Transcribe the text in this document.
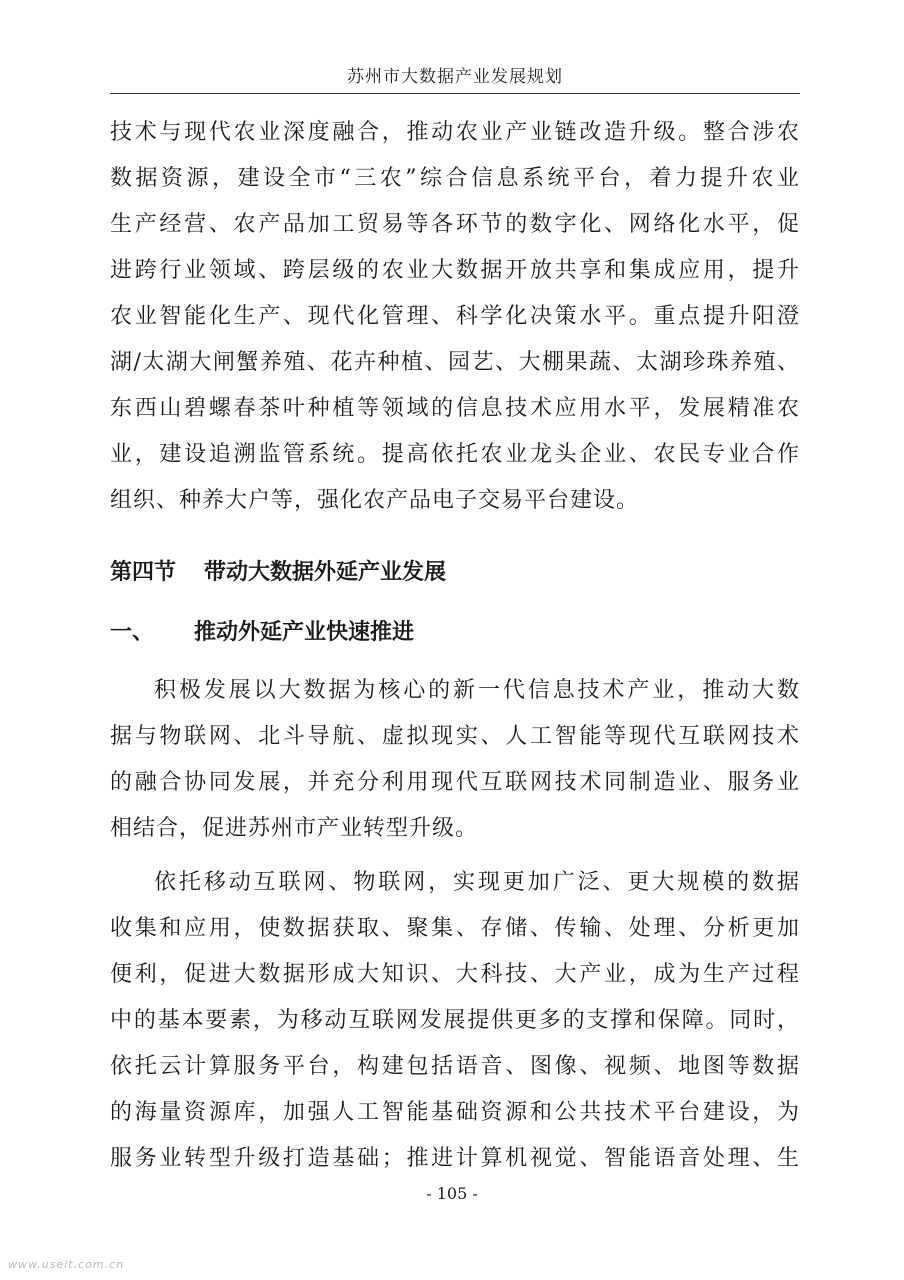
苏州市大数据产业发展规划
技术与现代农业深度融合，推动农业产业链改造升级。整合涉农
数据资源，建设全市“三农”综合信息系统平台，着力提升农业
生产经营、农产品加工贸易等各环节的数字化、网络化水平，促
进跨行业领域、跨层级的农业大数据开放共享和集成应用，提升
农业智能化生产、现代化管理、科学化决策水平。重点提升阳澄
湖/太湖大闸蟹养殖、花卉种植、园艺、大棚果蔬、太湖珍珠养殖、
东西山碧螺春茶叶种植等领域的信息技术应用水平，发展精准农
业，建设追溯监管系统。提高依托农业龙头企业、农民专业合作
组织、种养大户等，强化农产品电子交易平台建设。
第四节 带动大数据外延产业发展
一、 推动外延产业快速推进
积极发展以大数据为核心的新一代信息技术产业，推动大数
据与物联网、北斗导航、虚拟现实、人工智能等现代互联网技术
的融合协同发展，并充分利用现代互联网技术同制造业、服务业
相结合，促进苏州市产业转型升级。
依托移动互联网、物联网，实现更加广泛、更大规模的数据
收集和应用，使数据获取、聚集、存储、传输、处理、分析更加
便利，促进大数据形成大知识、大科技、大产业，成为生产过程
中的基本要素，为移动互联网发展提供更多的支撑和保障。同时，
依托云计算服务平台，构建包括语音、图像、视频、地图等数据
的海量资源库，加强人工智能基础资源和公共技术平台建设，为
服务业转型升级打造基础；推进计算机视觉、智能语音处理、生
- 105 -
www.useit.com.cn
